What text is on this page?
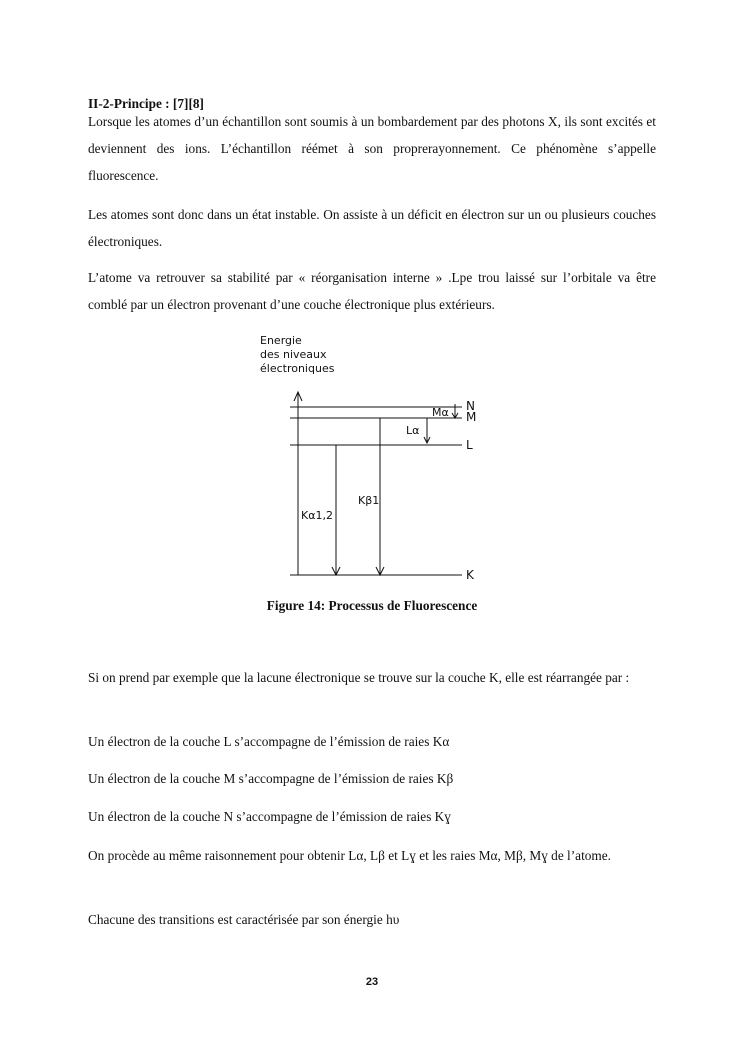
II-2-Principe : [7][8]

Lorsque les atomes d’un échantillon sont soumis à un bombardement par des photons X, ils sont excités et deviennent des ions. L’échantillon réémet à son proprerayonnement. Ce phénomène s’appelle fluorescence.

Les atomes sont donc dans un état instable. On assiste à un déficit en électron sur un ou plusieurs couches électroniques.

L’atome va retrouver sa stabilité par « réorganisation interne » .Lpe trou laissé sur l’orbitale va être comblé par un électron provenant d’une couche électronique plus extérieurs.

Energie
des niveaux
électroniques
N
M
L
K
Mα
Lα
Kα1,2
Kβ1

Figure 14: Processus de Fluorescence

Si on prend par exemple que la lacune électronique se trouve sur la couche K, elle est réarrangée par :

Un électron de la couche L s’accompagne de l’émission de raies Kα

Un électron de la couche M s’accompagne de l’émission de raies Kβ

Un électron de la couche N s’accompagne de l’émission de raies Kɣ

On procède au même raisonnement pour obtenir Lα, Lβ et Lɣ et les raies Mα, Mβ, Mɣ de l’atome.

Chacune des transitions est caractérisée par son énergie hυ

23
